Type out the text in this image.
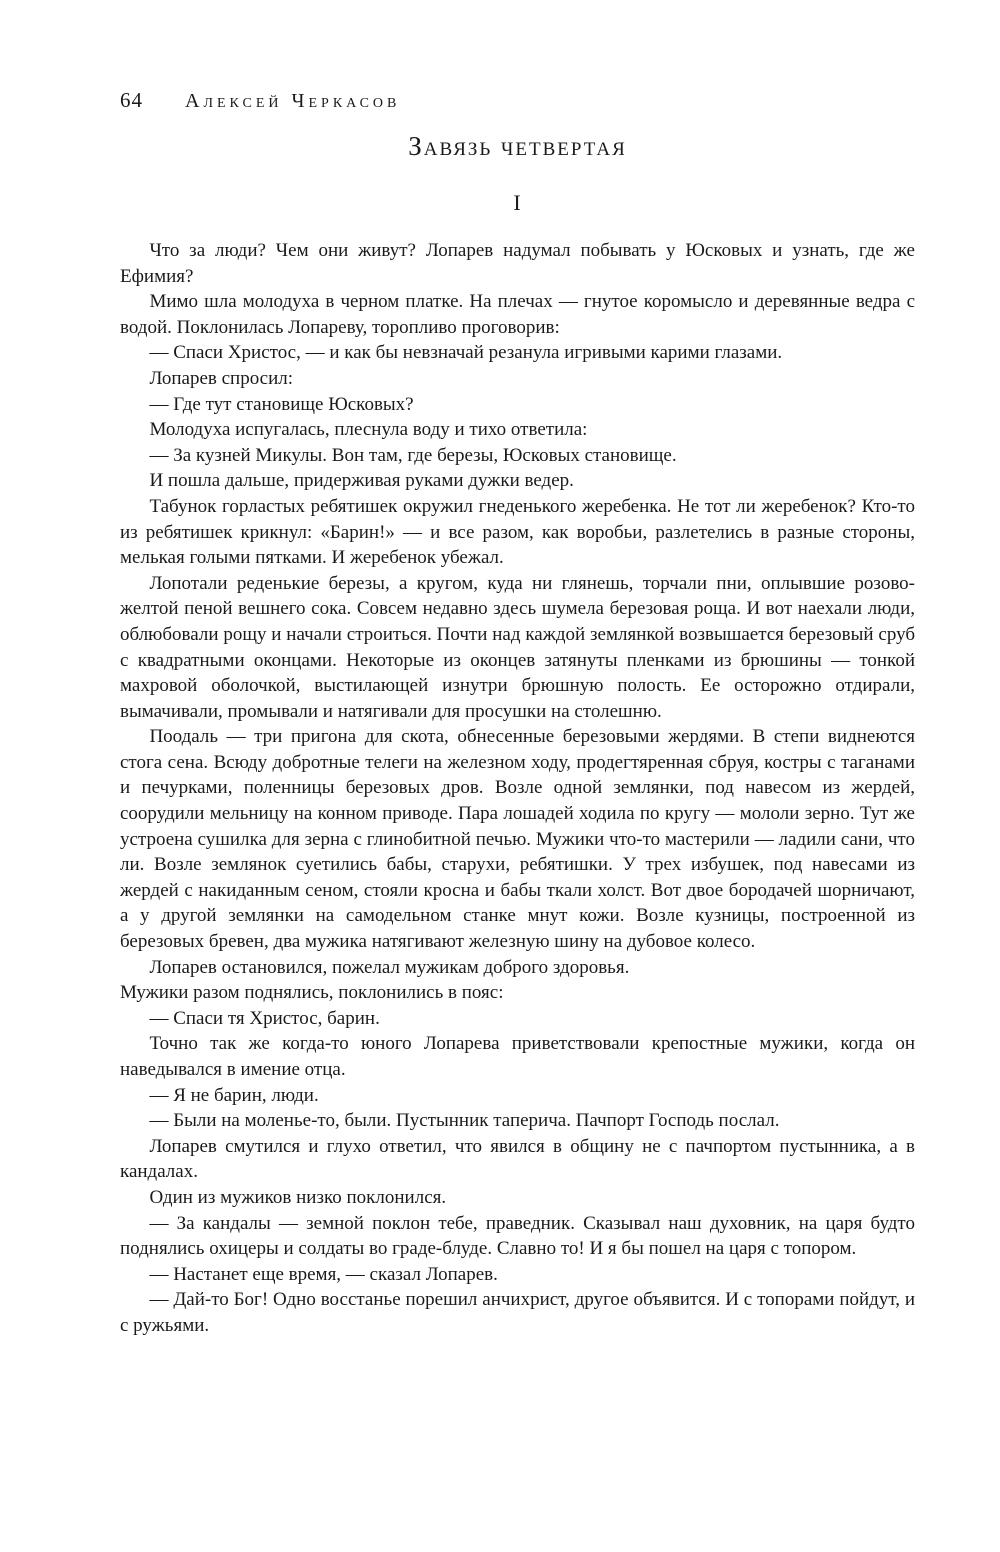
64 Алексей Черкасов
Завязь четвертая
I

Что за люди? Чем они живут? Лопарев надумал побывать у Юсковых и узнать, где же Ефимия?

Мимо шла молодуха в черном платке. На плечах — гнутое коромысло и деревянные ведра с водой. Поклонилась Лопареву, торопливо проговорив:

— Спаси Христос, — и как бы невзначай резанула игривыми карими глазами.

Лопарев спросил:

— Где тут становище Юсковых?

Молодуха испугалась, плеснула воду и тихо ответила:

— За кузней Микулы. Вон там, где березы, Юсковых становище.

И пошла дальше, придерживая руками дужки ведер.

Табунок горластых ребятишек окружил гнеденького жеребенка. Не тот ли жеребенок? Кто-то из ребятишек крикнул: «Барин!» — и все разом, как воробьи, разлетелись в разные стороны, мелькая голыми пятками. И жеребенок убежал.

Лопотали реденькие березы, а кругом, куда ни глянешь, торчали пни, оплывшие розово-желтой пеной вешнего сока. Совсем недавно здесь шумела березовая роща. И вот наехали люди, облюбовали рощу и начали строиться. Почти над каждой землянкой возвышается березовый сруб с квадратными оконцами. Некоторые из оконцев затянуты пленками из брюшины — тонкой махровой оболочкой, выстилающей изнутри брюшную полость. Ее осторожно отдирали, вымачивали, промывали и натягивали для просушки на столешню.

Поодаль — три пригона для скота, обнесенные березовыми жердями. В степи виднеются стога сена. Всюду добротные телеги на железном ходу, продегтяренная сбруя, костры с таганами и печурками, поленницы березовых дров. Возле одной землянки, под навесом из жердей, соорудили мельницу на конном приводе. Пара лошадей ходила по кругу — мололи зерно. Тут же устроена сушилка для зерна с глинобитной печью. Мужики что-то мастерили — ладили сани, что ли. Возле землянок суетились бабы, старухи, ребятишки. У трех избушек, под навесами из жердей с накиданным сеном, стояли кросна и бабы ткали холст. Вот двое бородачей шорничают, а у другой землянки на самодельном станке мнут кожи. Возле кузницы, построенной из березовых бревен, два мужика натягивают железную шину на дубовое колесо.

Лопарев остановился, пожелал мужикам доброго здоровья.

Мужики разом поднялись, поклонились в пояс:

— Спаси тя Христос, барин.

Точно так же когда-то юного Лопарева приветствовали крепостные мужики, когда он наведывался в имение отца.

— Я не барин, люди.

— Были на моленье-то, были. Пустынник таперича. Пачпорт Господь послал.

Лопарев смутился и глухо ответил, что явился в общину не с пачпортом пустынника, а в кандалах.

Один из мужиков низко поклонился.

— За кандалы — земной поклон тебе, праведник. Сказывал наш духовник, на царя будто поднялись охицеры и солдаты во граде-блуде. Славно то! И я бы пошел на царя с топором.

— Настанет еще время, — сказал Лопарев.

— Дай-то Бог! Одно восстанье порешил анчихрист, другое объявится. И с топорами пойдут, и с ружьями.
